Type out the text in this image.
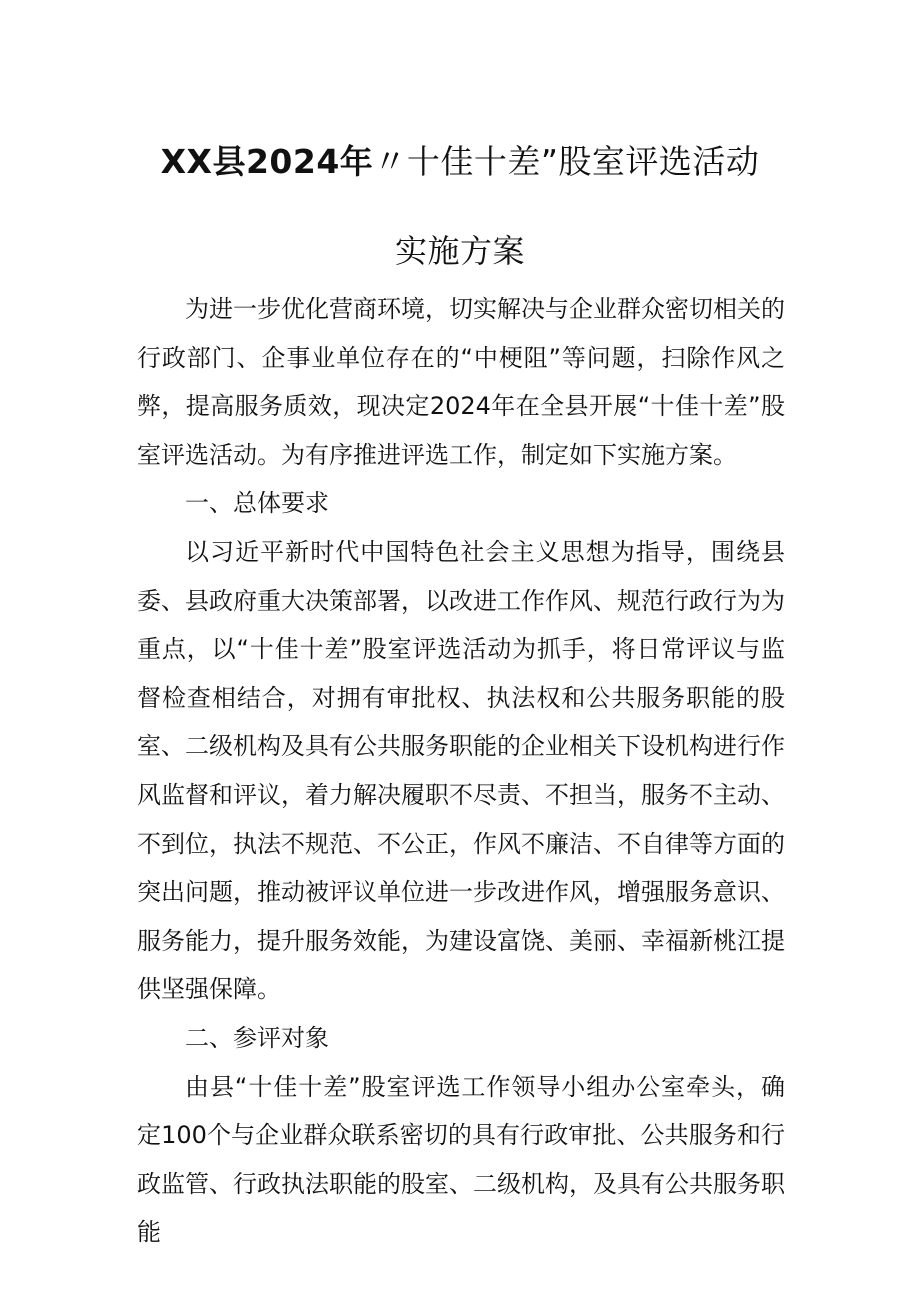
XX县2024年〃十佳十差”股室评选活动
实施方案

为进一步优化营商环境，切实解决与企业群众密切相关的行政部门、企事业单位存在的“中梗阻”等问题，扫除作风之弊，提高服务质效，现决定2024年在全县开展“十佳十差”股室评选活动。为有序推进评选工作，制定如下实施方案。

一、总体要求

以习近平新时代中国特色社会主义思想为指导，围绕县委、县政府重大决策部署，以改进工作作风、规范行政行为为重点，以“十佳十差”股室评选活动为抓手，将日常评议与监督检查相结合，对拥有审批权、执法权和公共服务职能的股室、二级机构及具有公共服务职能的企业相关下设机构进行作风监督和评议，着力解决履职不尽责、不担当，服务不主动、不到位，执法不规范、不公正，作风不廉洁、不自律等方面的突出问题，推动被评议单位进一步改进作风，增强服务意识、服务能力，提升服务效能，为建设富饶、美丽、幸福新桃江提供坚强保障。

二、参评对象

由县“十佳十差”股室评选工作领导小组办公室牵头，确定100个与企业群众联系密切的具有行政审批、公共服务和行政监管、行政执法职能的股室、二级机构，及具有公共服务职能
